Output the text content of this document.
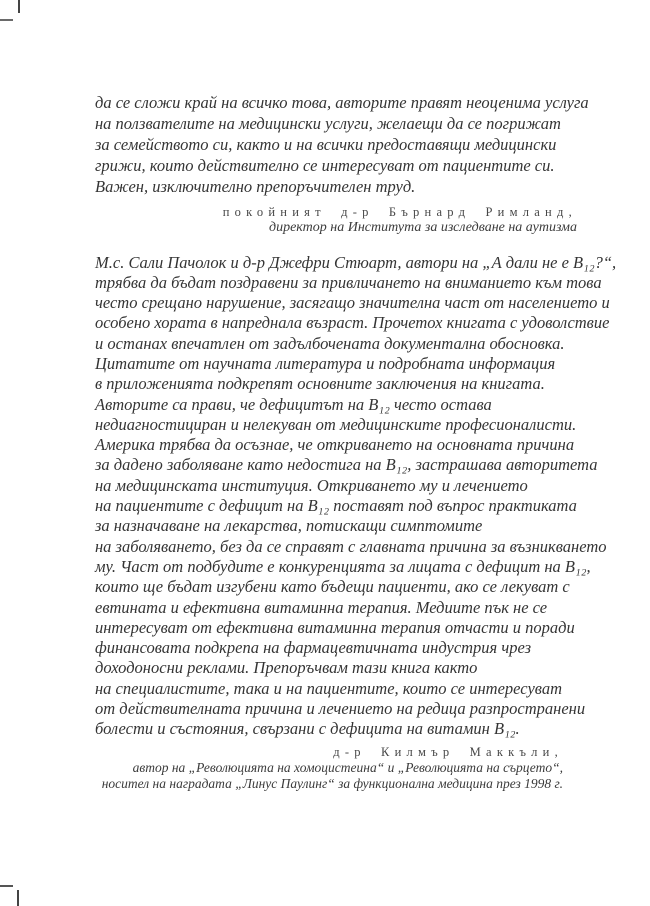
да се сложи край на всичко това, авторите правят неоценима услуга
на ползвателите на медицински услуги, желаещи да се погрижат
за семейството си, както и на всички предоставящи медицински
грижи, които действително се интересуват от пациентите си.
Важен, изключително препоръчителен труд.
покойният д-р Бърнард Римланд,
директор на Института за изследване на аутизма
М.с. Сали Пачолок и д-р Джефри Стюарт, автори на „А дали не е В₁₂?“,
трябва да бъдат поздравени за привличането на вниманието към това
често срещано нарушение, засягащо значителна част от населението и
особено хората в напреднала възраст. Прочетох книгата с удоволствие
и останах впечатлен от задълбочената документална обосновка.
Цитатите от научната литература и подробната информация
в приложенията подкрепят основните заключения на книгата.
Авторите са прави, че дефицитът на В₁₂ често остава
недиагностициран и нелекуван от медицинските професионалисти.
Америка трябва да осъзнае, че откриването на основната причина
за дадено заболяване като недостига на В₁₂, застрашава авторитета
на медицинската институция. Откриването му и лечението
на пациентите с дефицит на В₁₂ поставят под въпрос практиката
за назначаване на лекарства, потискащи симптомите
на заболяването, без да се справят с главната причина за възникването
му. Част от подбудите е конкуренцията за лицата с дефицит на В₁₂,
които ще бъдат изгубени като бъдещи пациенти, ако се лекуват с
евтината и ефективна витаминна терапия. Медиите пък не се
интересуват от ефективна витаминна терапия отчасти и поради
финансовата подкрепа на фармацевтичната индустрия чрез
доходоносни реклами. Препоръчвам тази книга както
на специалистите, така и на пациентите, които се интересуват
от действителната причина и лечението на редица разпространени
болести и състояния, свързани с дефицита на витамин В₁₂.
д-р Килмър Маккъли,
автор на „Революцията на хомоцистеина“ и „Революцията на сърцето“,
носител на наградата „Линус Паулинг“ за функционална медицина през 1998 г.
